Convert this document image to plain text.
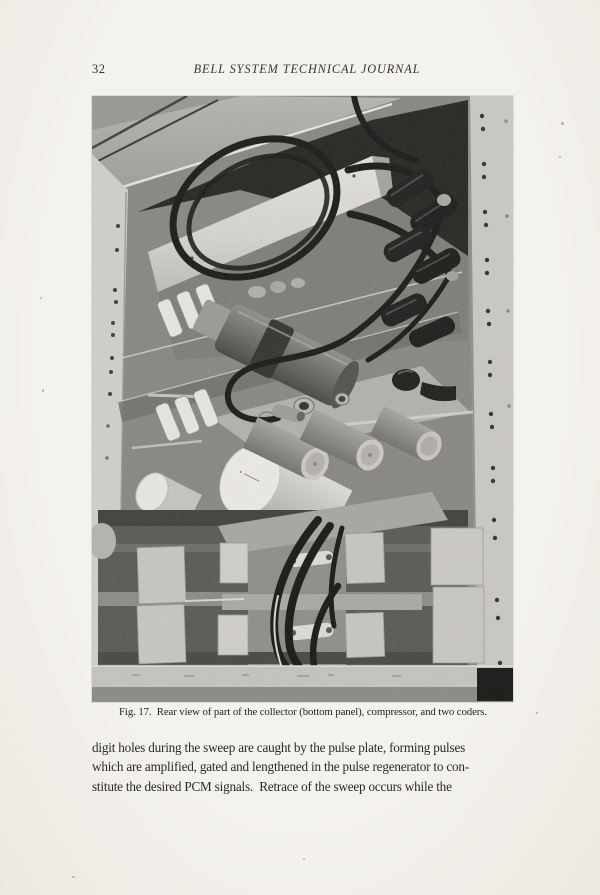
32	BELL SYSTEM TECHNICAL JOURNAL
Fig. 17.  Rear view of part of the collector (bottom panel), compressor, and two coders.
digit holes during the sweep are caught by the pulse plate, forming pulses
which are amplified, gated and lengthened in the pulse regenerator to con-
stitute the desired PCM signals.  Retrace of the sweep occurs while the
